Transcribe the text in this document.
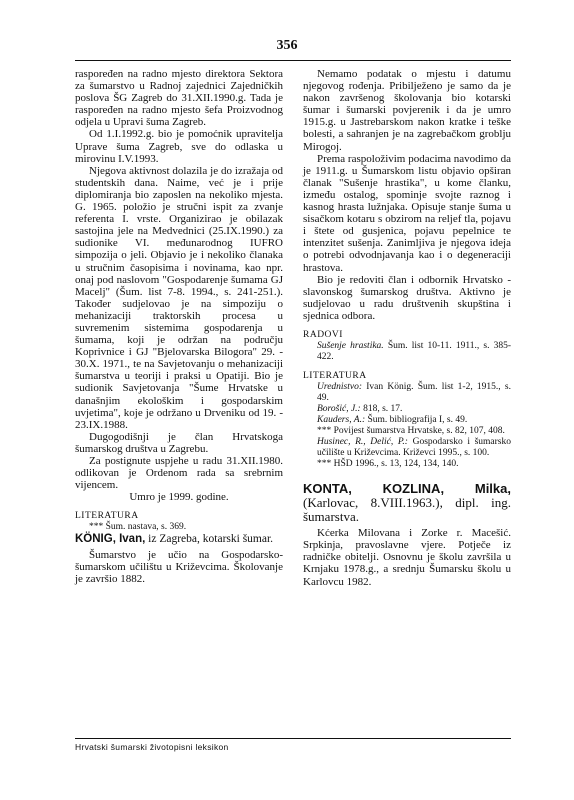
356

raspoređen na radno mjesto direktora Sektora za šumarstvo u Radnoj zajednici Zajedničkih poslova ŠG Zagreb do 31.XII.1990.g. Tada je raspoređen na radno mjesto šefa Proizvodnog odjela u Upravi šuma Zagreb.

Od 1.I.1992.g. bio je pomoćnik upravitelja Uprave šuma Zagreb, sve do odlaska u mirovinu I.V.1993.

Njegova aktivnost dolazila je do izražaja od studentskih dana. Naime, već je i prije diplomiranja bio zaposlen na nekoliko mjesta. G. 1965. položio je stručni ispit za zvanje referenta I. vrste. Organizirao je obilazak sastojina jele na Medvednici (25.IX.1990.) za sudionike VI. međunarodnog IUFRO simpozija o jeli. Objavio je i nekoliko članaka u stručnim časopisima i novinama, kao npr. onaj pod naslovom "Gospodarenje šumama GJ Macelj" (Šum. list 7-8. 1994., s. 241-251.). Također sudjelovao je na simpoziju o mehanizaciji traktorskih procesa u suvremenim sistemima gospodarenja u šumama, koji je održan na području Koprivnice i GJ "Bjelovarska Bilogora" 29. - 30.X. 1971., te na Savjetovanju o mehanizaciji šumarstva u teoriji i praksi u Opatiji. Bio je sudionik Savjetovanja "Šume Hrvatske u današnjim ekološkim i gospodarskim uvjetima", koje je održano u Drveniku od 19. - 23.IX.1988.

Dugogodišnji je član Hrvatskoga šumarskog društva u Zagrebu.

Za postignute uspjehe u radu 31.XII.1980. odlikovan je Ordenom rada sa srebrnim vijencem.

Umro je 1999. godine.

LITERATURA

*** Šum. nastava, s. 369.

KÖNIG, Ivan, iz Zagreba, kotarski šumar.

Šumarstvo je učio na Gospodarsko-šumarskom učilištu u Križevcima. Školovanje je završio 1882.

Nemamo podatak o mjestu i datumu njegovog rođenja. Pribilježeno je samo da je nakon završenog školovanja bio kotarski šumar i šumarski povjerenik i da je umro 1915.g. u Jastrebarskom nakon kratke i teške bolesti, a sahranjen je na zagrebačkom groblju Mirogoj.

Prema raspoloživim podacima navodimo da je 1911.g. u Šumarskom listu objavio opširan članak "Sušenje hrastika", u kome članku, između ostalog, spominje svojte raznog i kasnog hrasta lužnjaka. Opisuje stanje šuma u sisačkom kotaru s obzirom na reljef tla, pojavu i štete od gusjenica, pojavu pepelnice te intenzitet sušenja. Zanimljiva je njegova ideja o potrebi odvodnjavanja kao i o degeneraciji hrastova.

Bio je redoviti član i odbornik Hrvatsko - slavonskog šumarskog društva. Aktivno je sudjelovao u radu društvenih skupština i sjednica odbora.

RADOVI

Sušenje hrastika. Šum. list 10-11. 1911., s. 385-422.

LITERATURA

Urednistvo: Ivan König. Šum. list 1-2, 1915., s. 49.

Borošić, J.: 818, s. 17.

Kauders, A.: Šum. bibliografija I, s. 49.

*** Povijest šumarstva Hrvatske, s. 82, 107, 408.

Husinec, R., Delić, P.: Gospodarsko i šumarsko učilište u Križevcima. Križevci 1995., s. 100.

*** HŠD 1996., s. 13, 124, 134, 140.

KONTA, KOZLINA, Milka, (Karlovac, 8.VIII.1963.), dipl. ing. šumarstva.

Kćerka Milovana i Zorke r. Macešić. Srpkinja, pravoslavne vjere. Potječe iz radničke obitelji. Osnovnu je školu završila u Krnjaku 1978.g., a srednju Šumarsku školu u Karlovcu 1982.

Hrvatski šumarski životopisni leksikon
